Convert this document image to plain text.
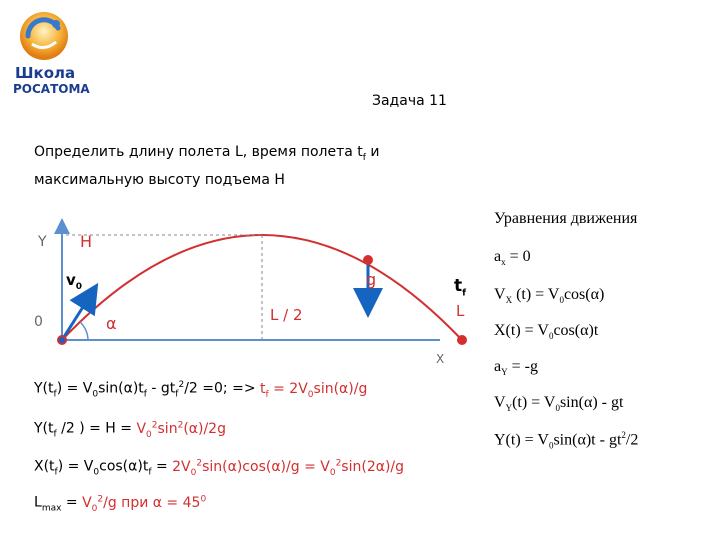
Школа
РОСАТОМА
Задача 11
Определить длину полета L, время полета $t_f$ и
максимальную высоту подъема Н
Y H
$v_0$
0	α	L / 2
g	$t_f$
L
X
Уравнения движения
$a_x = 0$
$V_X$ $(t) = V_0\cos(\alpha)$
$X(t) = V_0\cos(\alpha)t$
$a_Y = -g$
$V_Y(t) = V_0\sin(\alpha)$ - gt
$Y(t) = V_0\sin(\alpha)t - gt^2/2$
$Y(t_f) = V_0\sin(\alpha)t_f - gt_f^2/2 =0$; => $t_f = 2V_0\sin(\alpha)/g$
$Y(t_f$ /2 ) = $H = V_0^2\sin^2(\alpha)/2g$
$X(t_f) = V_0\cos(\alpha)t_f = 2V_0^2\sin(\alpha)\cos(\alpha)/g = V_0^2\sin(2\alpha)/g$
$L_{max} = V_0^2/g$ при $\alpha = 45^0$
